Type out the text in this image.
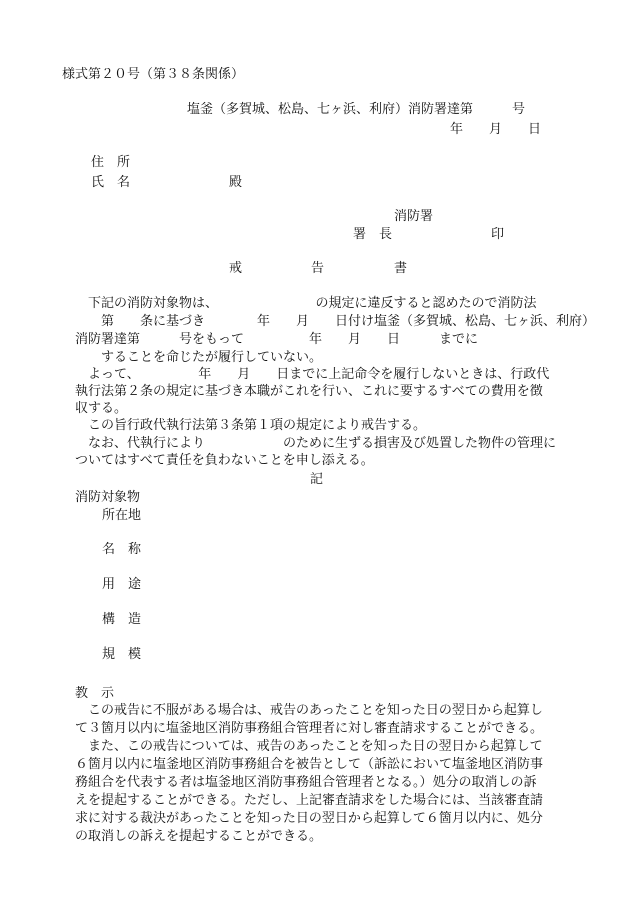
様式第２０号（第３８条関係）
塩釜（多賀城、松島、七ヶ浜、利府）消防署達第　　　号
年　　月　　日
住　所
氏　名	殿
消防署
署　長	印
戒	告	書
　下記の消防対象物は、　　　　　　　　の規定に違反すると認めたので消防法
　　第　　条に基づき　　　　年　　月　　日付け塩釜（多賀城、松島、七ヶ浜、利府）
消防署達第　　　号をもって　　　　　年　　月　　日　　　までに
　　することを命じたが履行していない。
　よって、　　　　　年　　月　　日までに上記命令を履行しないときは、行政代
執行法第２条の規定に基づき本職がこれを行い、これに要するすべての費用を徴
収する。
　この旨行政代執行法第３条第１項の規定により戒告する。
　なお、代執行により　　　　　　のために生ずる損害及び処置した物件の管理に
ついてはすべて責任を負わないことを申し添える。
記
消防対象物
所在地
名　称
用　途
構　造
規　模
教　示
　この戒告に不服がある場合は、戒告のあったことを知った日の翌日から起算し
て３箇月以内に塩釜地区消防事務組合管理者に対し審査請求することができる。
　また、この戒告については、戒告のあったことを知った日の翌日から起算して
６箇月以内に塩釜地区消防事務組合を被告として（訴訟において塩釜地区消防事
務組合を代表する者は塩釜地区消防事務組合管理者となる。）処分の取消しの訴
えを提起することができる。ただし、上記審査請求をした場合には、当該審査請
求に対する裁決があったことを知った日の翌日から起算して６箇月以内に、処分
の取消しの訴えを提起することができる。
